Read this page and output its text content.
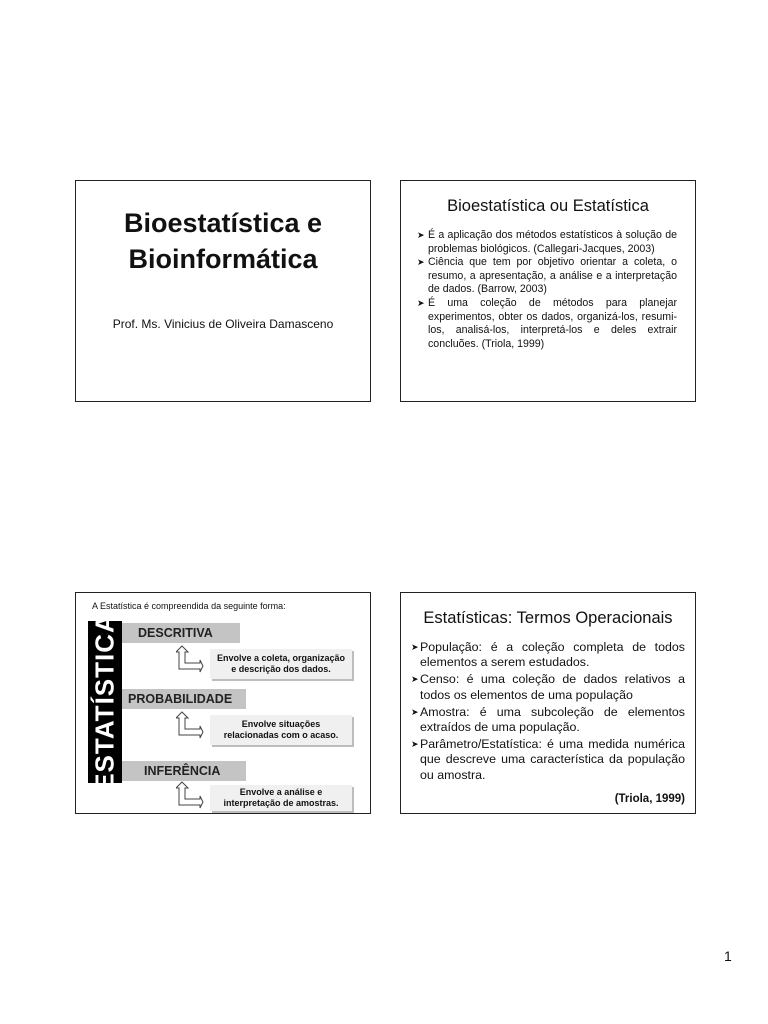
Bioestatística e
Bioinformática
Prof. Ms. Vinicius de Oliveira Damasceno
Bioestatística ou Estatística
➤ É a aplicação dos métodos estatísticos à solução de problemas biológicos. (Callegari-Jacques, 2003)
➤ Ciência que tem por objetivo orientar a coleta, o resumo, a apresentação, a análise e a interpretação de dados. (Barrow, 2003)
➤ É uma coleção de métodos para planejar experimentos, obter os dados, organizá-los, resumi-los, analisá-los, interpretá-los e deles extrair concluões. (Triola, 1999)
A Estatística é compreendida da seguinte forma:
ESTATÍSTICA	DESCRITIVA
Envolve a coleta, organização
e descrição dos dados.
PROBABILIDADE
Envolve situações
relacionadas com o acaso.
INFERÊNCIA
Envolve a análise e
interpretação de amostras.
Estatísticas: Termos Operacionais
➤ População: é a coleção completa de todos elementos a serem estudados.
➤ Censo: é uma coleção de dados relativos a todos os elementos de uma população
➤ Amostra: é uma subcoleção de elementos extraídos de uma população.
➤ Parâmetro/Estatística: é uma medida numérica que descreve uma característica da população ou amostra.
(Triola, 1999)
1
